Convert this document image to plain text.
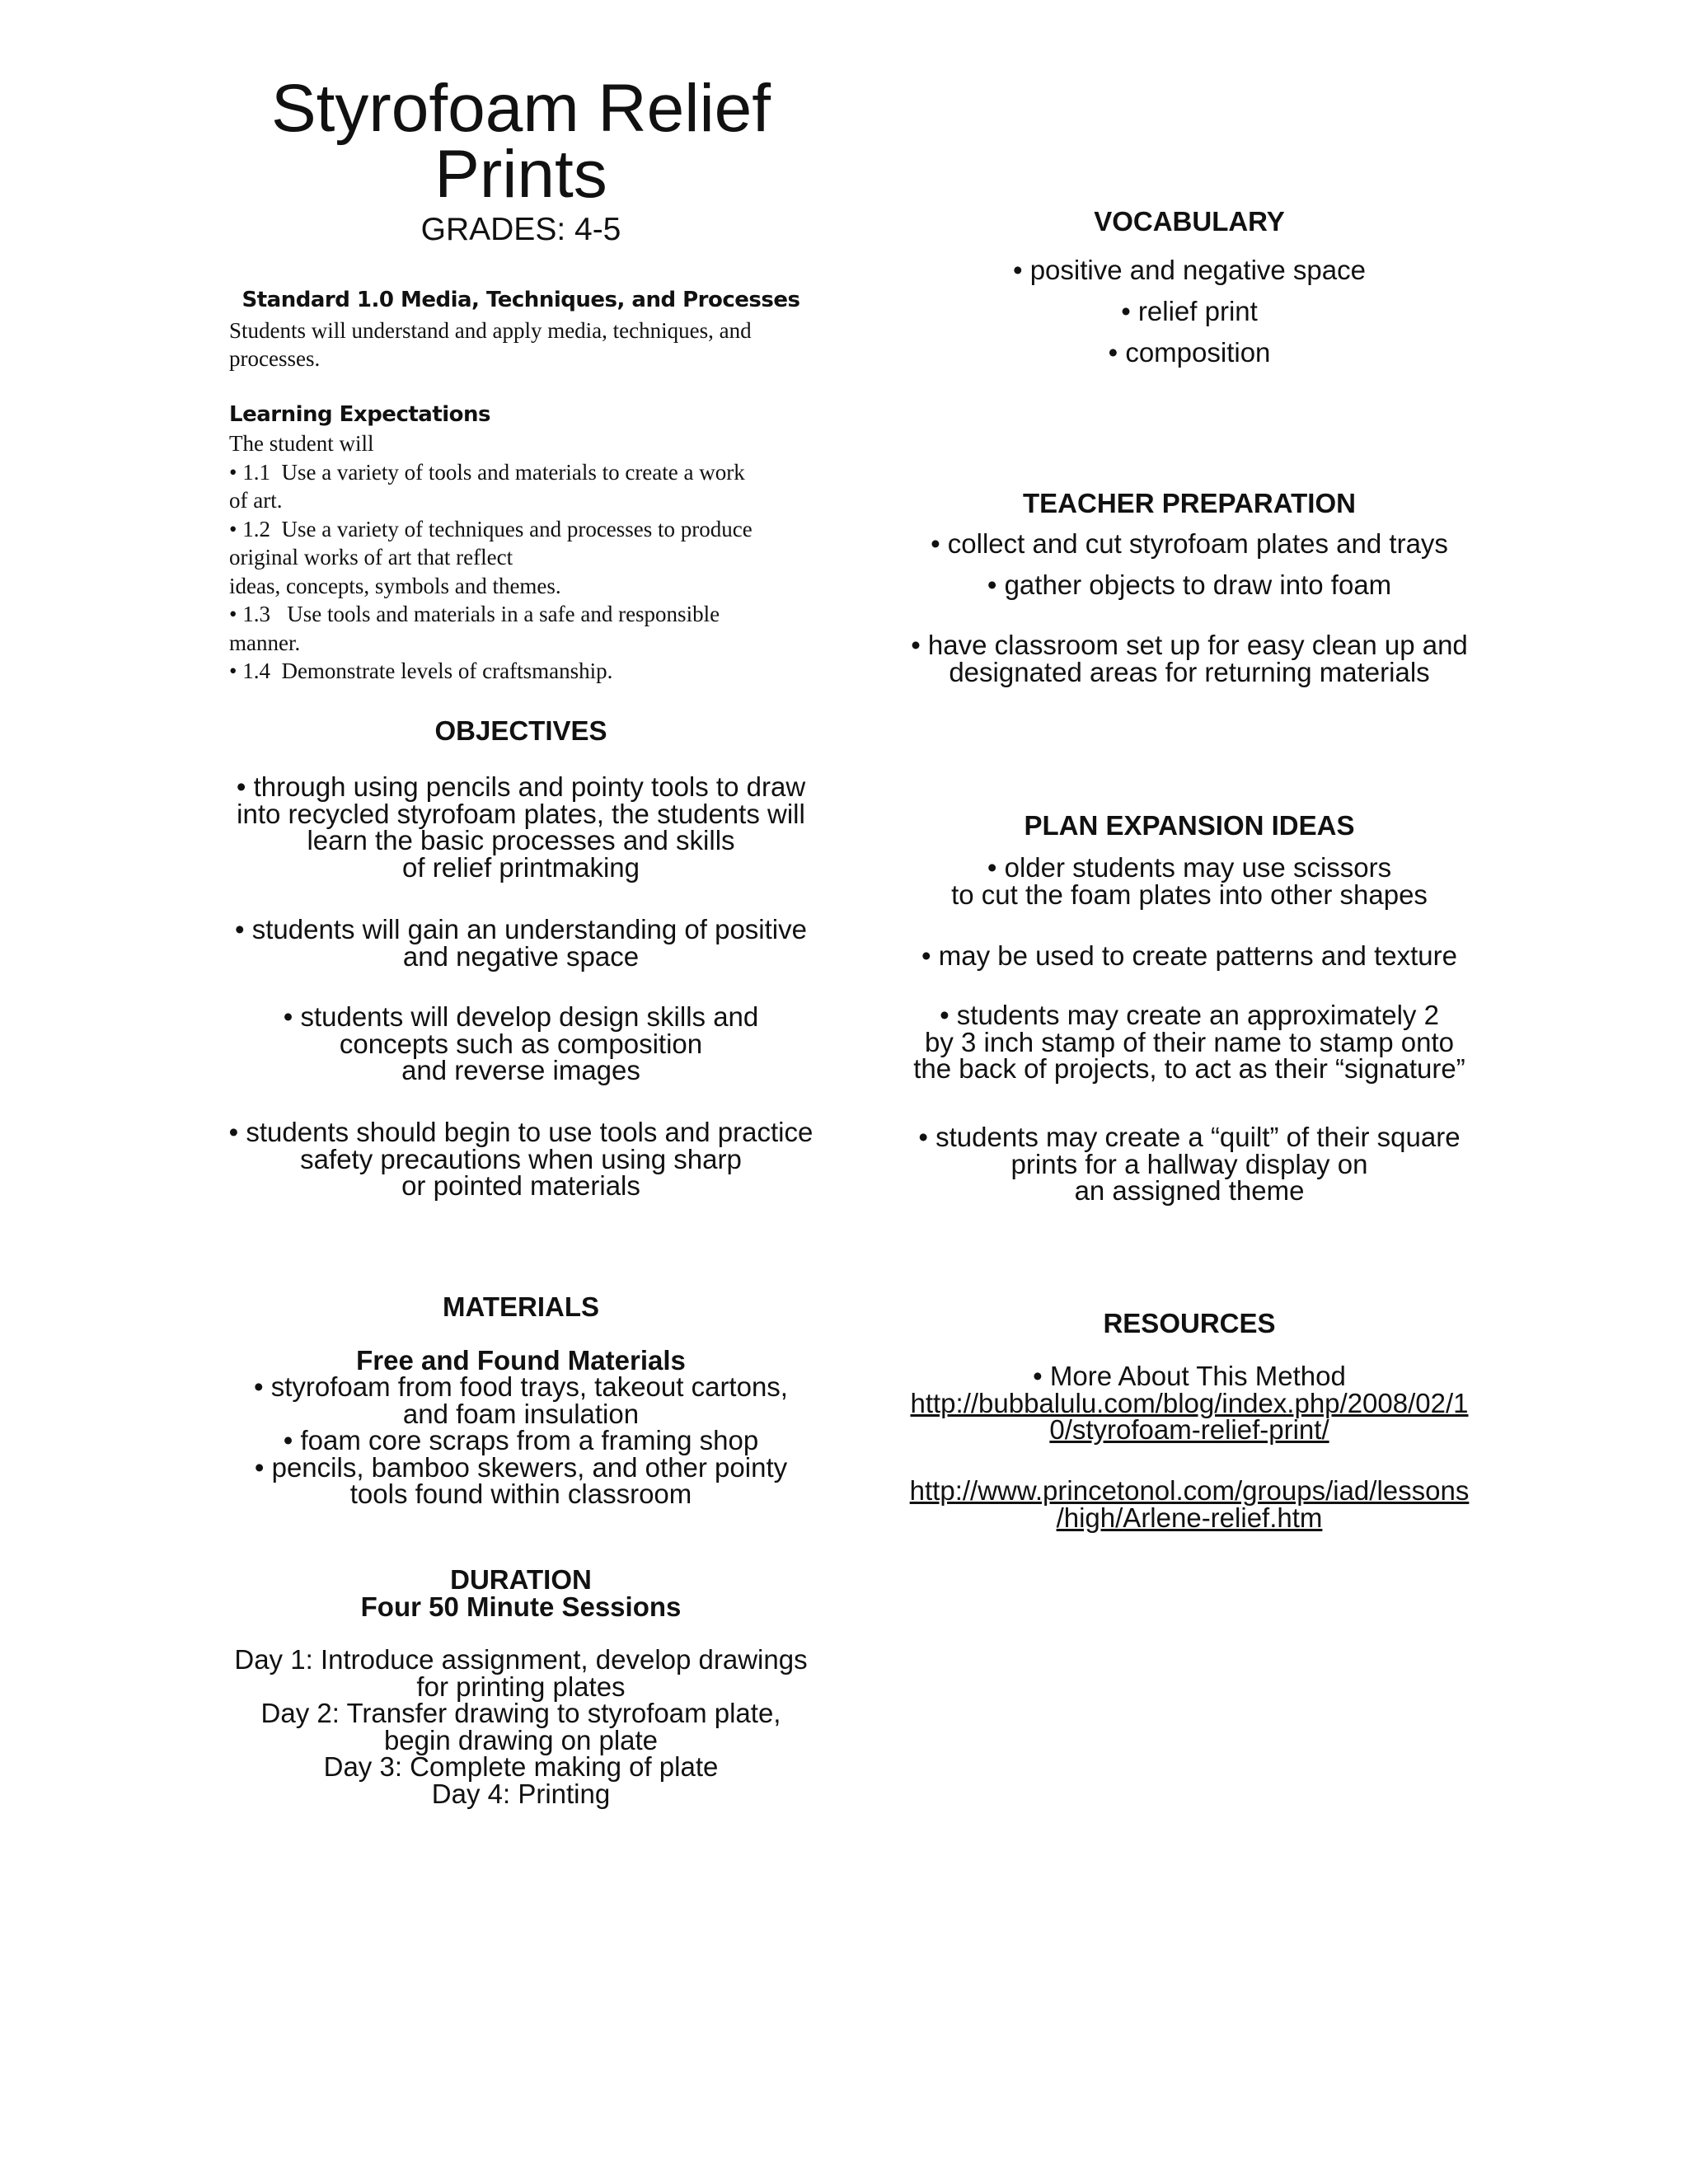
Styrofoam Relief
Prints
GRADES: 4-5
Standard 1.0 Media, Techniques, and Processes
Students will understand and apply media, techniques, and
processes.
Learning Expectations
The student will
• 1.1  Use a variety of tools and materials to create a work
of art.
• 1.2  Use a variety of techniques and processes to produce
original works of art that reflect
ideas, concepts, symbols and themes.
• 1.3   Use tools and materials in a safe and responsible
manner.
• 1.4  Demonstrate levels of craftsmanship.
OBJECTIVES
• through using pencils and pointy tools to draw
into recycled styrofoam plates, the students will
learn the basic processes and skills
of relief printmaking
• students will gain an understanding of positive
and negative space
• students will develop design skills and
concepts such as composition
and reverse images
• students should begin to use tools and practice
safety precautions when using sharp
or pointed materials
MATERIALS
Free and Found Materials
• styrofoam from food trays, takeout cartons,
and foam insulation
• foam core scraps from a framing shop
• pencils, bamboo skewers, and other pointy
tools found within classroom
DURATION
Four 50 Minute Sessions
Day 1: Introduce assignment, develop drawings
for printing plates
Day 2: Transfer drawing to styrofoam plate,
begin drawing on plate
Day 3: Complete making of plate
Day 4: Printing
VOCABULARY
• positive and negative space
• relief print
• composition
TEACHER PREPARATION
• collect and cut styrofoam plates and trays
• gather objects to draw into foam
• have classroom set up for easy clean up and
designated areas for returning materials
PLAN EXPANSION IDEAS
• older students may use scissors
to cut the foam plates into other shapes
• may be used to create patterns and texture
• students may create an approximately 2
by 3 inch stamp of their name to stamp onto
the back of projects, to act as their “signature”
• students may create a “quilt” of their square
prints for a hallway display on
an assigned theme
RESOURCES
• More About This Method
http://bubbalulu.com/blog/index.php/2008/02/1
0/styrofoam-relief-print/
http://www.princetonol.com/groups/iad/lessons
/high/Arlene-relief.htm
